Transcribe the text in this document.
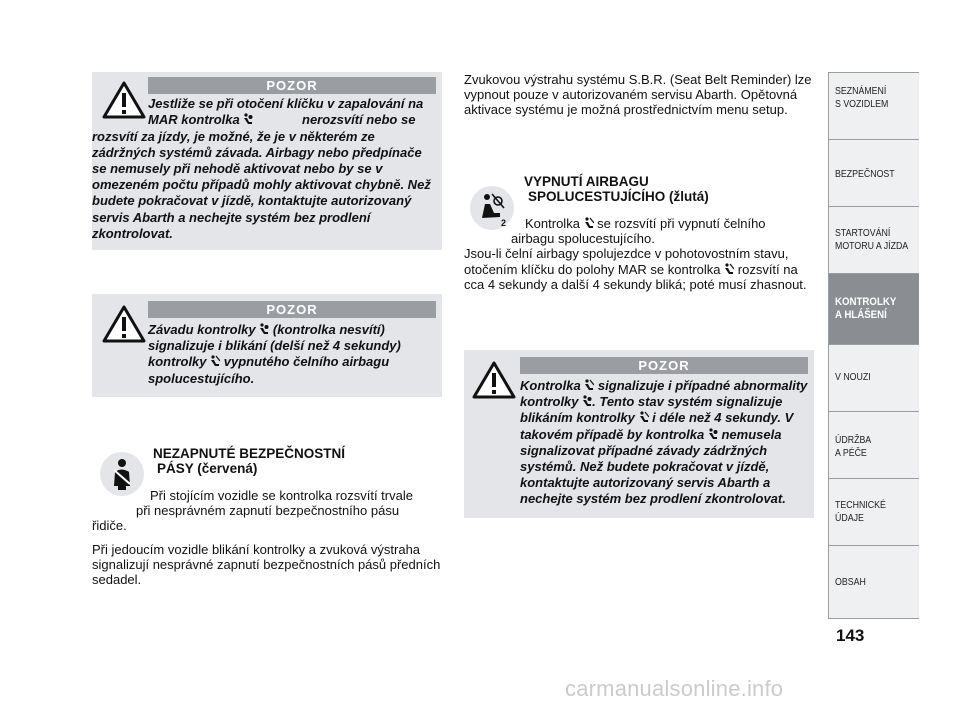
POZOR

Jestliže se při otočení klíčku v zapalování na MAR kontrolka	nerozsvítí nebo se rozsvítí za jízdy, je možné, že je v některém ze zádržných systémů závada. Airbagy nebo předpínače se nemusely při nehodě aktivovat nebo by se v omezeném počtu případů mohly aktivovat chybně. Než budete pokračovat v jízdě, kontaktujte autorizovaný servis Abarth a nechejte systém bez prodlení zkontrolovat.

POZOR

Závadu kontrolky (kontrolka nesvítí) signalizuje i blikání (delší než 4 sekundy) kontrolky vypnutého čelního airbagu spolucestujícího.

NEZAPNUTÉ BEZPEČNOSTNÍ
PÁSY (červená)

Při stojícím vozidle se kontrolka rozsvítí trvale

při nesprávném zapnutí bezpečnostního pásu

řidiče.

Při jedoucím vozidle blikání kontrolky a zvuková výstraha signalizují nesprávné zapnutí bezpečnostních pásů předních sedadel.

Zvukovou výstrahu systému S.B.R. (Seat Belt Reminder) lze vypnout pouze v autorizovaném servisu Abarth. Opětovná aktivace systému je možná prostřednictvím menu setup.

2
VYPNUTÍ AIRBAGU
SPOLUCESTUJÍCÍHO (žlutá)

Kontrolka se rozsvítí při vypnutí čelního

airbagu spolucestujícího.

Jsou-li čelní airbagy spolujezdce v pohotovostním stavu, otočením klíčku do polohy MAR se kontrolka rozsvítí na cca 4 sekundy a další 4 sekundy bliká; poté musí zhasnout.

POZOR

Kontrolka signalizuje i případné abnormality kontrolky . Tento stav systém signalizuje blikáním kontrolky i déle než 4 sekundy. V takovém případě by kontrolka nemusela signalizovat případné závady zádržných systémů. Než budete pokračovat v jízdě, kontaktujte autorizovaný servis Abarth a nechejte systém bez prodlení zkontrolovat.

SEZNÁMENÍ
S VOZIDLEM
BEZPEČNOST
STARTOVÁNÍ
MOTORU A JÍZDA
KONTROLKY
A HLÁŠENÍ
V NOUZI
ÚDRŽBA
A PÉČE
TECHNICKÉ
ÚDAJE
OBSAH
143
carmanualsonline.info
